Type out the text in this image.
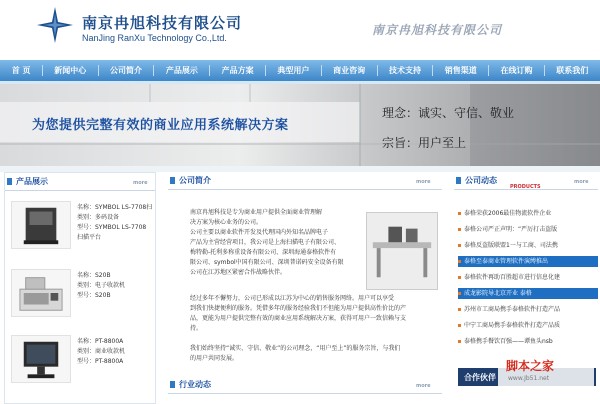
南京冉旭科技有限公司
NanJing RanXu Technology Co.,Ltd.
南京冉旭科技有限公司
首 页	新闻中心	公司简介	产品展示	产品方案	典型用户	商业咨询	技术支持	销售渠道	在线订购	联系我们
为您提供完整有效的商业应用系统解决方案
理念：诚实、守信、敬业
宗旨：用户至上
产品展示	more
名称：SYMBOL LS-7708扫
类别：多码设备
型号：SYMBOL LS-7708
扫描平台
名称：S20B
类别：电子收款机
型号：S20B
名称：PT-8800A
类别：商业收款机
型号：PT-8800A
公司简介	more
南京冉旭科技是专为商业用户提供全面商业管理解
决方案为核心业务的公司。
公司主要以商业软件开发及代理国内外知名品牌电子
产品为主营经营项目，我公司是上海扫描电子有限公司、
梅特勒-托利多称重设备有限公司、深圳海通泰格软件有
限公司、symbol中国有限公司、深圳普诺码安全设备有限
公司在江苏地区紧密合作战略伙伴。
经过多年不懈努力，公司已形成以江苏为中心的销售服务网络。用户可以享受
到我们快捷便利的服务。凭借多年的服务经验我们不但能为用户提供高性价比的产
品，更能为用户提供完整有效的商业应用系统解决方案，获得可用户一致信赖与支
持。
我们始终坚持“诚实、守信、敬业”的公司理念，“用户至上”的服务宗旨，与我们
的用户共同发展。
行业动态	more
公司动态
PRODUCTS
more
泰格荣获2006最佳物流软件企业
泰格公司严正声明：“严厉打击盗版
泰格反盗版联盟1一与工商、司法携
泰格至泰商业管理软件演缚推出
泰格软件再助百胜超市进行信息化建
成龙影院导北京开业 泰格
苏州市工商局携手泰格软件打造产品
中宁工商局携手泰格软件打造产品质
泰格携手餐饮百强——谭鱼头nsb
合作伙伴
脚本之家
www.Jb51.net
